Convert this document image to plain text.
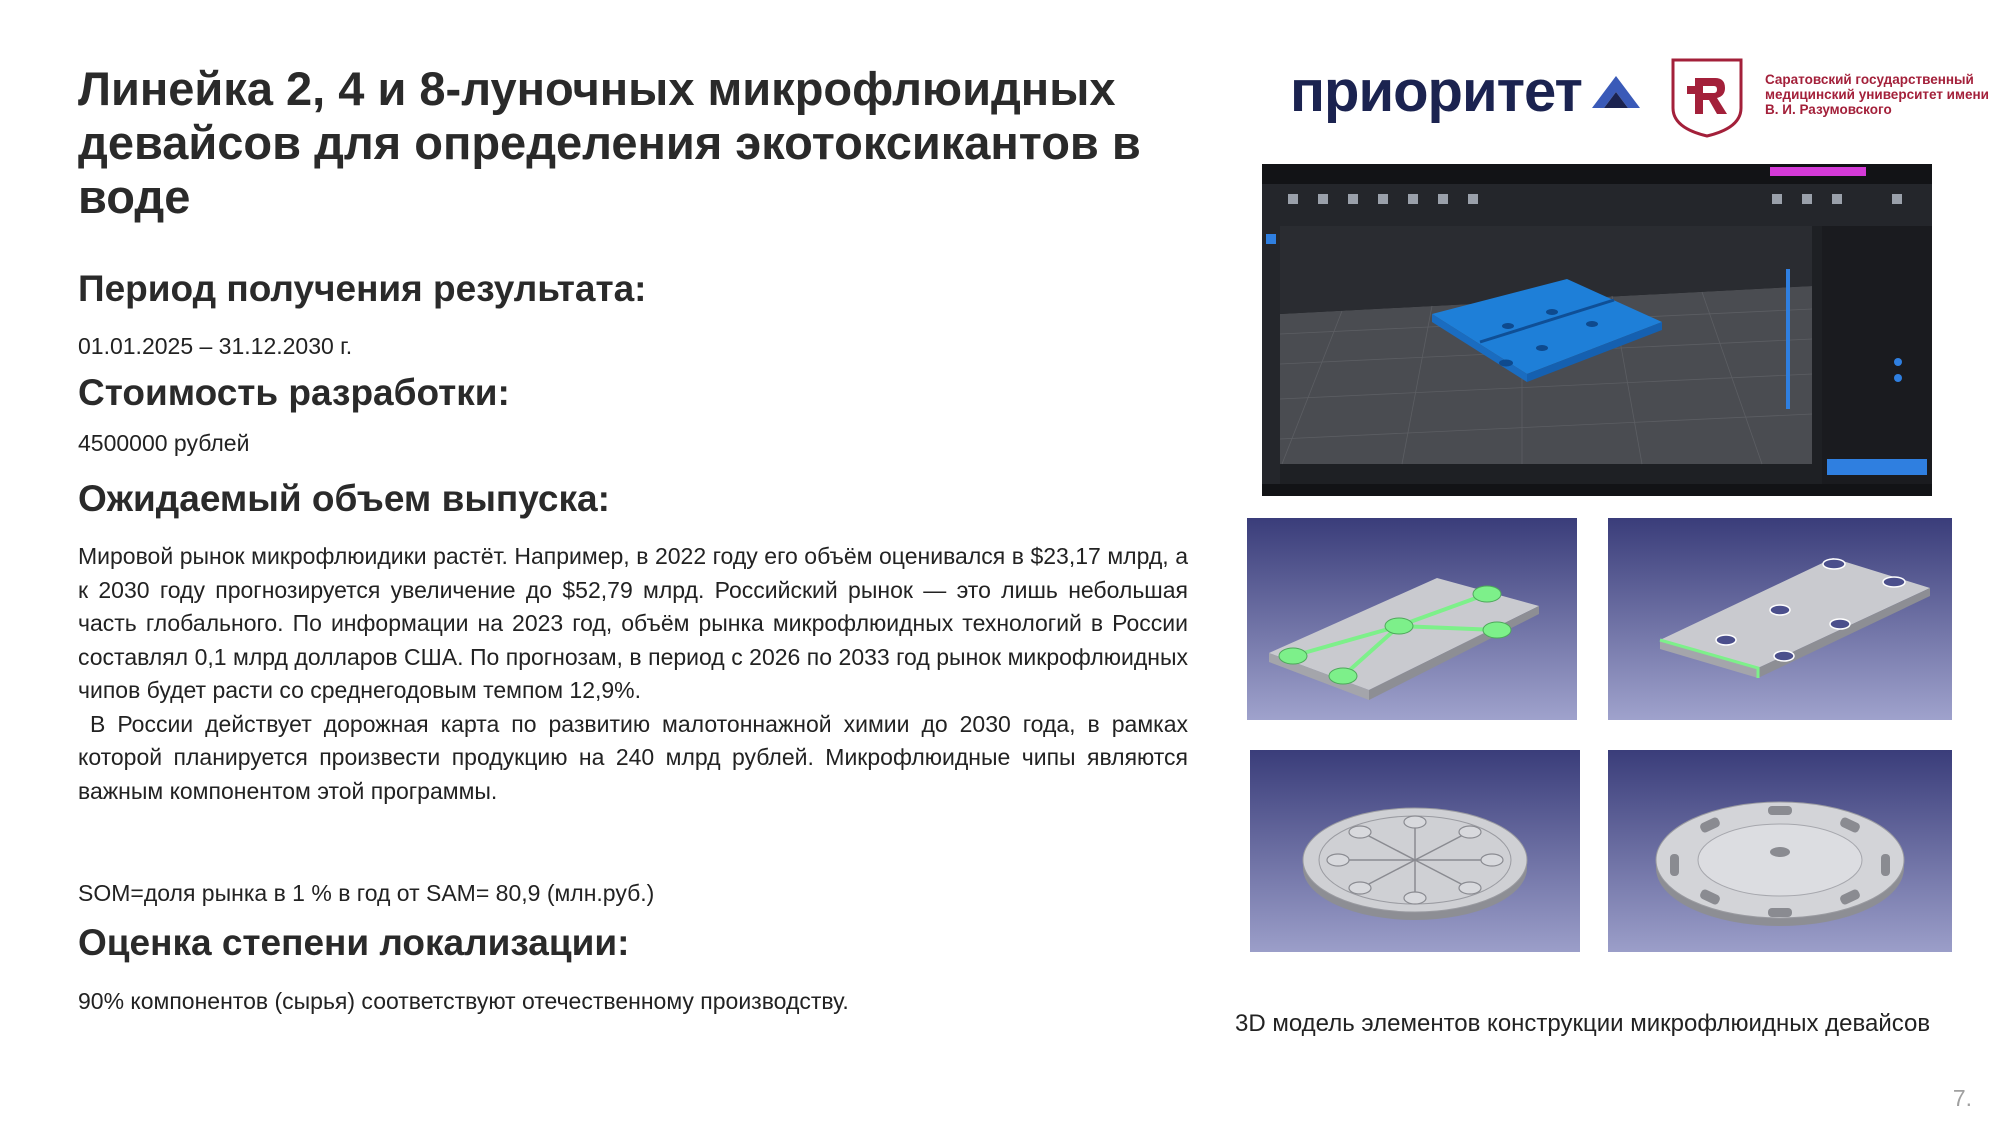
Линейка 2, 4 и 8-луночных микрофлюидных девайсов для определения экотоксикантов в воде
Период получения результата:
01.01.2025 – 31.12.2030 г.
Стоимость разработки:
4500000 рублей
Ожидаемый объем выпуска:

Мировой рынок микрофлюидики растёт. Например, в 2022 году его объём оценивался в $23,17 млрд, а к 2030 году прогнозируется увеличение до $52,79 млрд. Российский рынок — это лишь небольшая часть глобального. По информации на 2023 год, объём рынка микрофлюидных технологий в России составлял 0,1 млрд долларов США. По прогнозам, в период с 2026 по 2033 год рынок микрофлюидных чипов будет расти со среднегодовым темпом 12,9%.

В России действует дорожная карта по развитию малотоннажной химии до 2030 года, в рамках которой планируется произвести продукцию на 240 млрд рублей. Микрофлюидные чипы являются важным компонентом этой программы.

SOM=доля рынка в 1 % в год от SAM= 80,9 (млн.руб.)
Оценка степени локализации:
90% компонентов (сырья) соответствуют отечественному производству.
приоритет	Саратовский государственный медицинский университет имени В. И. Разумовского
3D модель элементов конструкции микрофлюидных девайсов
7.
